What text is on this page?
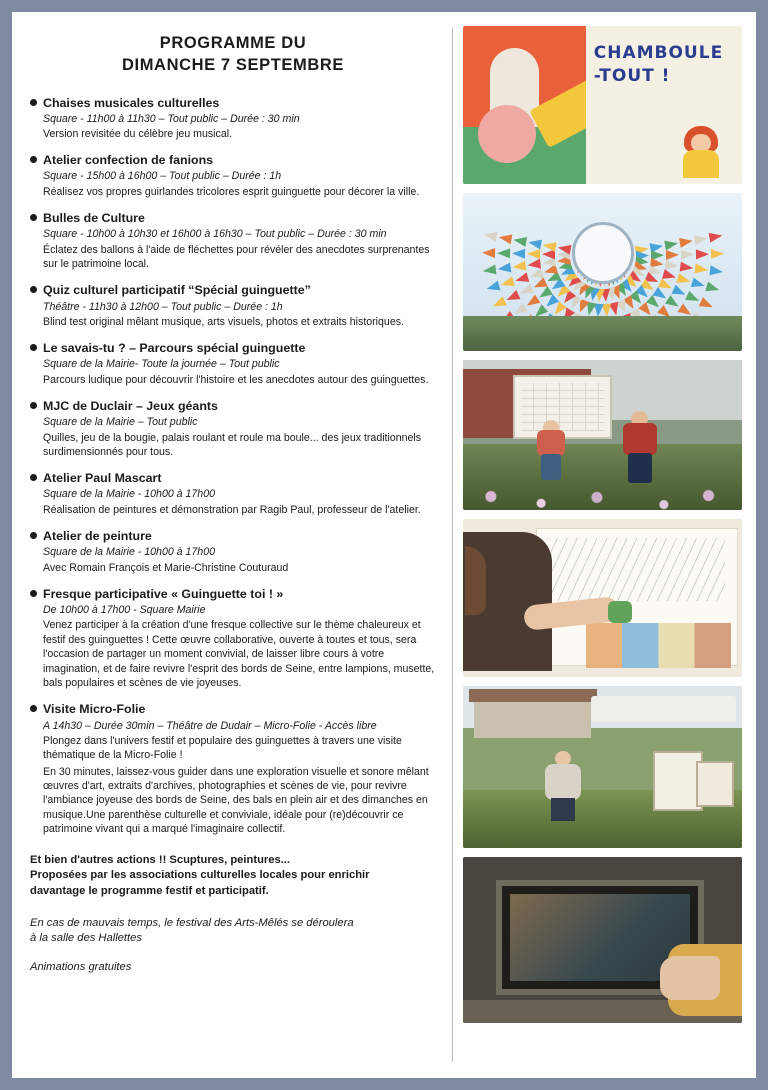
PROGRAMME DU
DIMANCHE 7 SEPTEMBRE
Chaises musicales culturelles
Square - 11h00 à 11h30 – Tout public – Durée : 30 min
Version revisitée du célèbre jeu musical.
Atelier confection de fanions
Square - 15h00 à 16h00 – Tout public – Durée : 1h
Réalisez vos propres guirlandes tricolores esprit guinguette pour décorer la ville.
Bulles de Culture
Square - 10h00 à 10h30 et 16h00 à 16h30 – Tout public – Durée : 30 min
Éclatez des ballons à l'aide de fléchettes pour révéler des anecdotes surprenantes sur le patrimoine local.
Quiz culturel participatif “Spécial guinguette”
Théâtre - 11h30 à 12h00 – Tout public – Durée : 1h
Blind test original mêlant musique, arts visuels, photos et extraits historiques.
Le savais-tu ? – Parcours spécial guinguette
Square de la Mairie- Toute la journée – Tout public
Parcours ludique pour découvrir l'histoire et les anecdotes autour des guinguettes.
MJC de Duclair – Jeux géants
Square de la Mairie – Tout public
Quilles, jeu de la bougie, palais roulant et roule ma boule... des jeux traditionnels surdimensionnés pour tous.
Atelier Paul Mascart
Square de la Mairie - 10h00 à 17h00
Réalisation de peintures et démonstration par Ragib Paul, professeur de l'atelier.
Atelier de peinture
Square de la Mairie - 10h00 à 17h00
Avec Romain François et Marie-Christine Couturaud
Fresque participative « Guinguette toi ! »
De 10h00 à 17h00 - Square Mairie
Venez participer à la création d'une fresque collective sur le thème chaleureux et festif des guinguettes ! Cette œuvre collaborative, ouverte à toutes et tous, sera l'occasion de partager un moment convivial, de laisser libre cours à votre imagination, et de faire revivre l'esprit des bords de Seine, entre lampions, musette, bals populaires et scènes de vie joyeuses.
Visite Micro-Folie
A 14h30 – Durée 30min – Théâtre de Dudair – Micro-Folie - Accès libre
Plongez dans l'univers festif et populaire des guinguettes à travers une visite thématique de la Micro-Folie !
En 30 minutes, laissez-vous guider dans une exploration visuelle et sonore mêlant œuvres d'art, extraits d'archives, photographies et scènes de vie, pour revivre l'ambiance joyeuse des bords de Seine, des bals en plein air et des dimanches en musique.Une parenthèse culturelle et conviviale, idéale pour (re)découvrir ce patrimoine vivant qui a marqué l'imaginaire collectif.
Et bien d'autres actions !! Scuptures, peintures...
Proposées par les associations culturelles locales pour enrichir
davantage le programme festif et participatif.
En cas de mauvais temps, le festival des Arts-Mêlés se déroulera
à la salle des Hallettes
Animations gratuites
CHAMBOULE
-TOUT !
